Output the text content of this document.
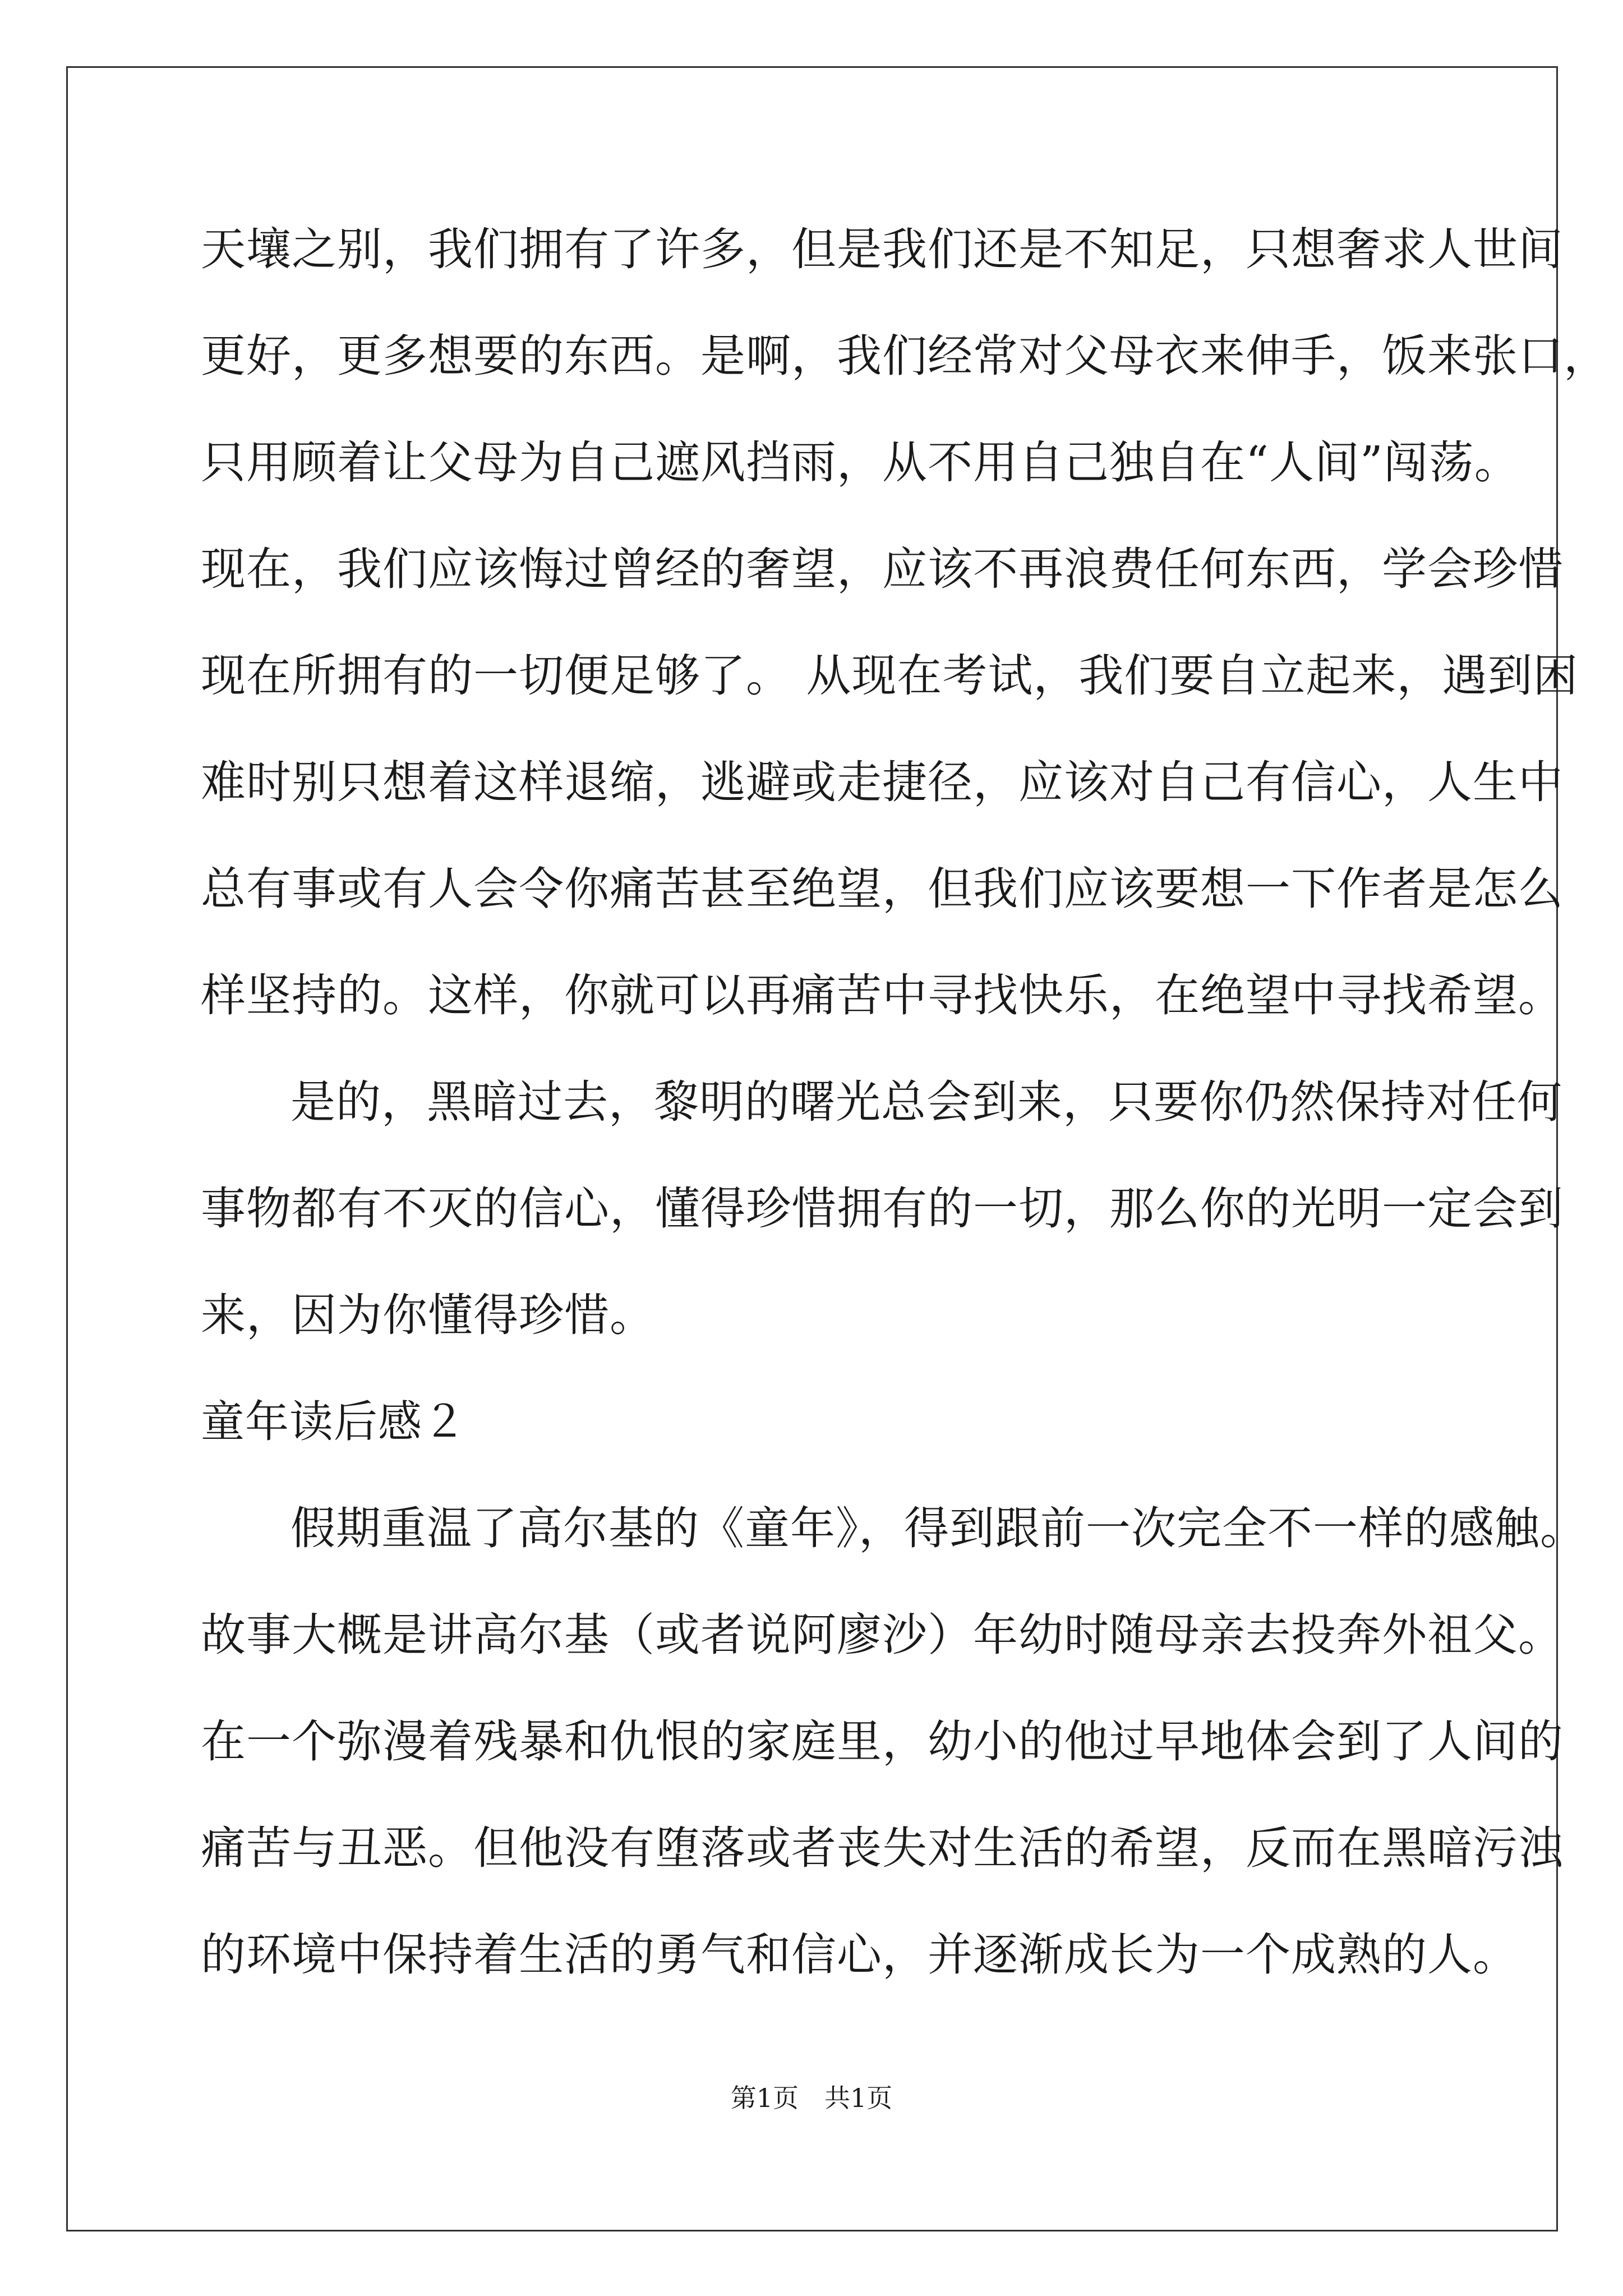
天壤之别，我们拥有了许多，但是我们还是不知足，只想奢求人世间
更好，更多想要的东西。是啊，我们经常对父母衣来伸手，饭来张口，
只用顾着让父母为自己遮风挡雨，从不用自己独自在“人间”闯荡。
现在，我们应该悔过曾经的奢望，应该不再浪费任何东西，学会珍惜
现在所拥有的一切便足够了。 从现在考试，我们要自立起来，遇到困
难时别只想着这样退缩，逃避或走捷径，应该对自己有信心，人生中
总有事或有人会令你痛苦甚至绝望，但我们应该要想一下作者是怎么
样坚持的。这样，你就可以再痛苦中寻找快乐，在绝望中寻找希望。
是的，黑暗过去，黎明的曙光总会到来，只要你仍然保持对任何
事物都有不灭的信心，懂得珍惜拥有的一切，那么你的光明一定会到
来，因为你懂得珍惜。
童年读后感２
假期重温了高尔基的《童年》，得到跟前一次完全不一样的感触。
故事大概是讲高尔基（或者说阿廖沙）年幼时随母亲去投奔外祖父。
在一个弥漫着残暴和仇恨的家庭里，幼小的他过早地体会到了人间的
痛苦与丑恶。但他没有堕落或者丧失对生活的希望，反而在黑暗污浊
的环境中保持着生活的勇气和信心，并逐渐成长为一个成熟的人。
第1页　共1页
